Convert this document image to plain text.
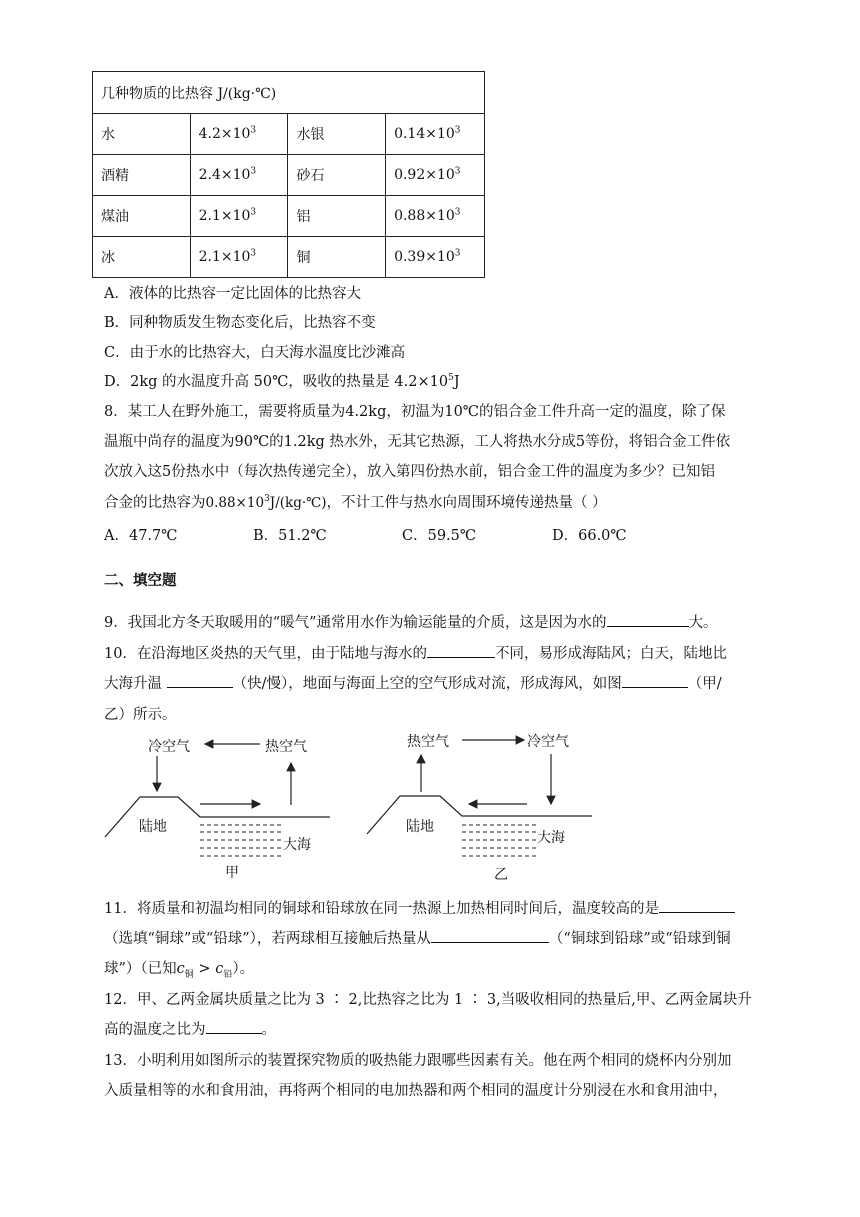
几种物质的比热容 J/(kg·℃)			
水	$4.2\times 10^3$	水银	$0.14\times 10^3$
酒精	$2.4\times 10^3$	砂石	$0.92\times 10^3$
煤油	$2.1\times 10^3$	铝	$0.88\times 10^3$
冰	$2.1\times 10^3$	铜	$0.39\times 10^3$
A．液体的比热容一定比固体的比热容大
B．同种物质发生物态变化后，比热容不变
C．由于水的比热容大，白天海水温度比沙滩高
D．2kg 的水温度升高 50℃，吸收的热量是 $4.2\times 10^5J$
8．某工人在野外施工，需要将质量为4.2kg，初温为10℃的铝合金工件升高一定的温度，除了保
温瓶中尚存的温度为90℃的1.2kg 热水外，无其它热源，工人将热水分成5等份，将铝合金工件依
次放入这5份热水中（每次热传递完全），放入第四份热水前，铝合金工件的温度为多少？已知铝
合金的比热容为$0.88\times 10^3J/(kg\cdot℃)$，不计工件与热水向周围环境传递热量（ ）
A．47.7℃	B．51.2℃	C．59.5℃	D．66.0℃
二、填空题
9．我国北方冬天取暖用的“暖气”通常用水作为输运能量的介质，这是因为水的	大。
10．在沿海地区炎热的天气里，由于陆地与海水的	不同，易形成海陆风；白天，陆地比
大海升温	（快/慢），地面与海面上空的空气形成对流，形成海风，如图	（甲/
乙）所示。
冷空气	热空气
陆地
大海
甲
热空气	冷空气
陆地
大海
乙
11．将质量和初温均相同的铜球和铅球放在同一热源上加热相同时间后，温度较高的是
（选填“铜球”或“铅球”），若两球相互接触后热量从	（“铜球到铅球”或“铅球到铜
球”）（已知$c_铜 > c_铅$）。
12．甲、乙两金属块质量之比为 3 ∶ 2,比热容之比为 1 ∶ 3,当吸收相同的热量后,甲、乙两金属块升
高的温度之比为	。
13．小明利用如图所示的装置探究物质的吸热能力跟哪些因素有关。他在两个相同的烧杯内分别加
入质量相等的水和食用油，再将两个相同的电加热器和两个相同的温度计分别浸在水和食用油中，
